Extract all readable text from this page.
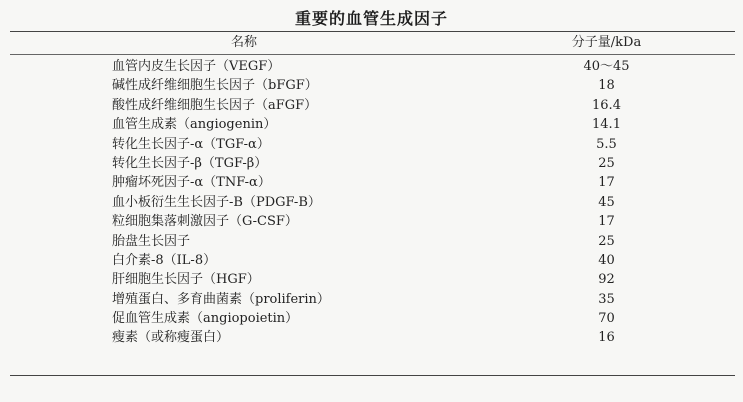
重要的血管生成因子
名称	分子量/kDa
血管内皮生长因子（VEGF）	40～45
碱性成纤维细胞生长因子（bFGF）	18
酸性成纤维细胞生长因子（aFGF）	16.4
血管生成素（angiogenin）	14.1
转化生长因子-α（TGF-α）	5.5
转化生长因子-β（TGF-β）	25
肿瘤坏死因子-α（TNF-α）	17
血小板衍生生长因子-B（PDGF-B）	45
粒细胞集落刺激因子（G-CSF）	17
胎盘生长因子	25
白介素-8（IL-8）	40
肝细胞生长因子（HGF）	92
增殖蛋白、多育曲菌素（proliferin）	35
促血管生成素（angiopoietin）	70
瘦素（或称瘦蛋白）	16
